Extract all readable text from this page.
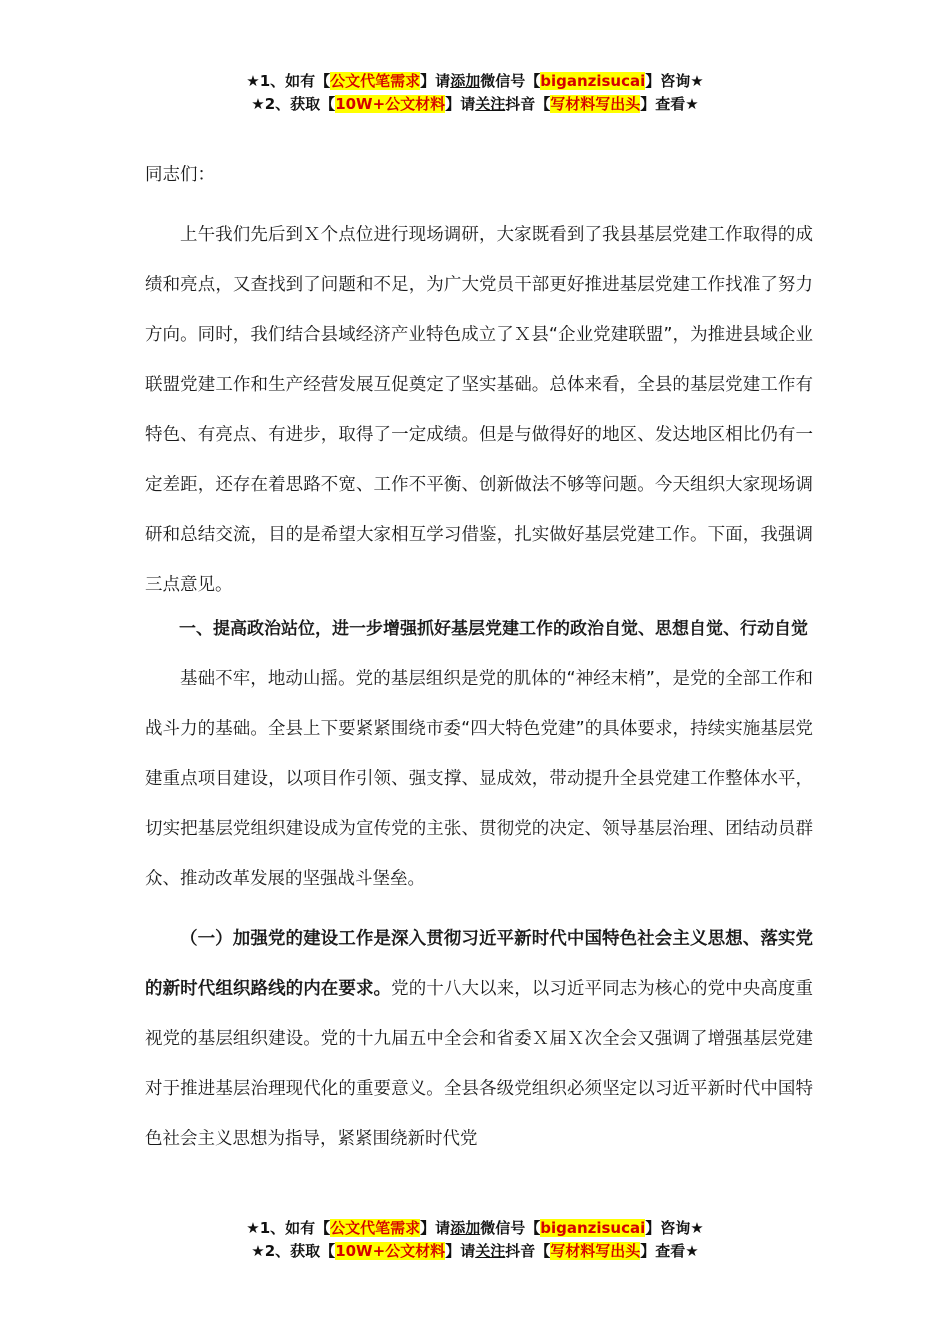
★1、如有【公文代笔需求】请添加微信号【biganzisucai】咨询★
★2、获取【10W+公文材料】请关注抖音【写材料写出头】查看★

同志们：

上午我们先后到Ｘ个点位进行现场调研，大家既看到了我县基层党建工作取得的成绩和亮点，又查找到了问题和不足，为广大党员干部更好推进基层党建工作找准了努力方向。同时，我们结合县域经济产业特色成立了Ｘ县“企业党建联盟”，为推进县域企业联盟党建工作和生产经营发展互促奠定了坚实基础。总体来看，全县的基层党建工作有特色、有亮点、有进步，取得了一定成绩。但是与做得好的地区、发达地区相比仍有一定差距，还存在着思路不宽、工作不平衡、创新做法不够等问题。今天组织大家现场调研和总结交流，目的是希望大家相互学习借鉴，扎实做好基层党建工作。下面，我强调三点意见。

一、提高政治站位，进一步增强抓好基层党建工作的政治自觉、思想自觉、行动自觉

基础不牢，地动山摇。党的基层组织是党的肌体的“神经末梢”，是党的全部工作和战斗力的基础。全县上下要紧紧围绕市委“四大特色党建”的具体要求，持续实施基层党建重点项目建设，以项目作引领、强支撑、显成效，带动提升全县党建工作整体水平，切实把基层党组织建设成为宣传党的主张、贯彻党的决定、领导基层治理、团结动员群众、推动改革发展的坚强战斗堡垒。

（一）加强党的建设工作是深入贯彻习近平新时代中国特色社会主义思想、落实党的新时代组织路线的内在要求。党的十八大以来，以习近平同志为核心的党中央高度重视党的基层组织建设。党的十九届五中全会和省委Ｘ届Ｘ次全会又强调了增强基层党建对于推进基层治理现代化的重要意义。全县各级党组织必须坚定以习近平新时代中国特色社会主义思想为指导，紧紧围绕新时代党

★1、如有【公文代笔需求】请添加微信号【biganzisucai】咨询★
★2、获取【10W+公文材料】请关注抖音【写材料写出头】查看★
